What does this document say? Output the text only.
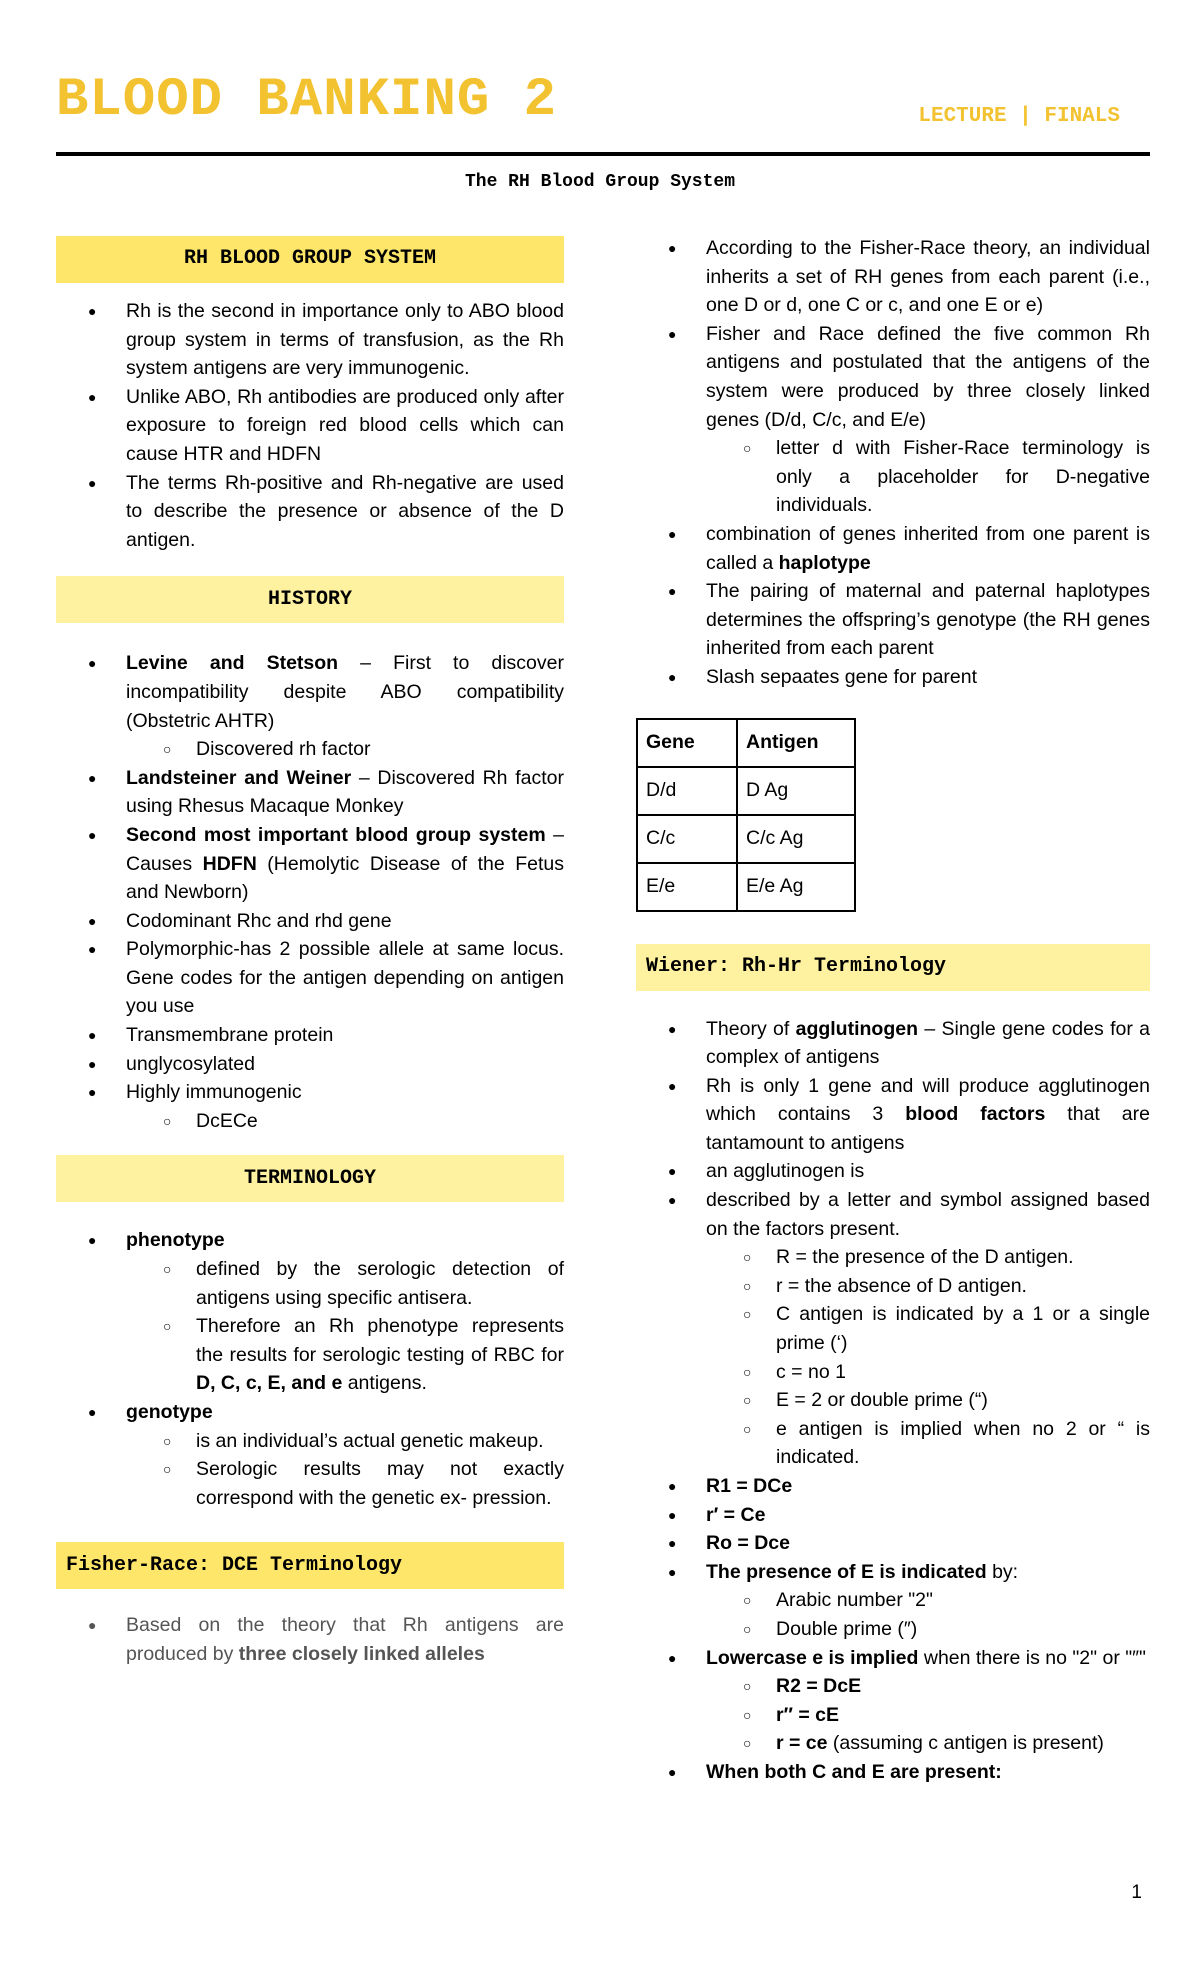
BLOOD BANKING 2	LECTURE | FINALS
The RH Blood Group System
RH BLOOD GROUP SYSTEM
● Rh is the second in importance only to ABO blood group system in terms of transfusion, as the Rh system antigens are very immunogenic.
● Unlike ABO, Rh antibodies are produced only after exposure to foreign red blood cells which can cause HTR and HDFN
● The terms Rh-positive and Rh-negative are used to describe the presence or absence of the D antigen.
HISTORY
● Levine and Stetson – First to discover incompatibility despite ABO compatibility (Obstetric AHTR)
○ Discovered rh factor
● Landsteiner and Weiner – Discovered Rh factor using Rhesus Macaque Monkey
● Second most important blood group system – Causes HDFN (Hemolytic Disease of the Fetus and Newborn)
● Codominant Rhc and rhd gene
● Polymorphic-has 2 possible allele at same locus. Gene codes for the antigen depending on antigen you use
● Transmembrane protein
● unglycosylated
● Highly immunogenic
○ DcECe
TERMINOLOGY
● phenotype
○ defined by the serologic detection of antigens using specific antisera.
○ Therefore an Rh phenotype represents the results for serologic testing of RBC for D, C, c, E, and e antigens.
● genotype
○ is an individual’s actual genetic makeup.
○ Serologic results may not exactly correspond with the genetic ex- pression.
Fisher-Race: DCE Terminology
● Based on the theory that Rh antigens are produced by three closely linked alleles
● According to the Fisher-Race theory, an individual inherits a set of RH genes from each parent (i.e., one D or d, one C or c, and one E or e)
● Fisher and Race defined the five common Rh antigens and postulated that the antigens of the system were produced by three closely linked genes (D/d, C/c, and E/e)
○ letter d with Fisher-Race terminology is only a placeholder for D-negative individuals.
● combination of genes inherited from one parent is called a haplotype
● The pairing of maternal and paternal haplotypes determines the offspring’s genotype (the RH genes inherited from each parent
● Slash sepaates gene for parent
Gene	Antigen
D/d	D Ag
C/c	C/c Ag
E/e	E/e Ag
Wiener: Rh-Hr Terminology
● Theory of agglutinogen – Single gene codes for a complex of antigens
● Rh is only 1 gene and will produce agglutinogen which contains 3 blood factors that are tantamount to antigens
● an agglutinogen is
● described by a letter and symbol assigned based on the factors present.
○ R = the presence of the D antigen.
○ r = the absence of D antigen.
○ C antigen is indicated by a 1 or a single prime (‘)
○ c = no 1
○ E = 2 or double prime (“)
○ e antigen is implied when no 2 or “ is indicated.
● R1 = DCe
● r′ = Ce
● Ro = Dce
● The presence of E is indicated by:
○ Arabic number "2"
○ Double prime (″)
● Lowercase e is implied when there is no "2" or "″"
○ R2 = DcE
○ r″ = cE
○ r = ce (assuming c antigen is present)
● When both C and E are present:
1
